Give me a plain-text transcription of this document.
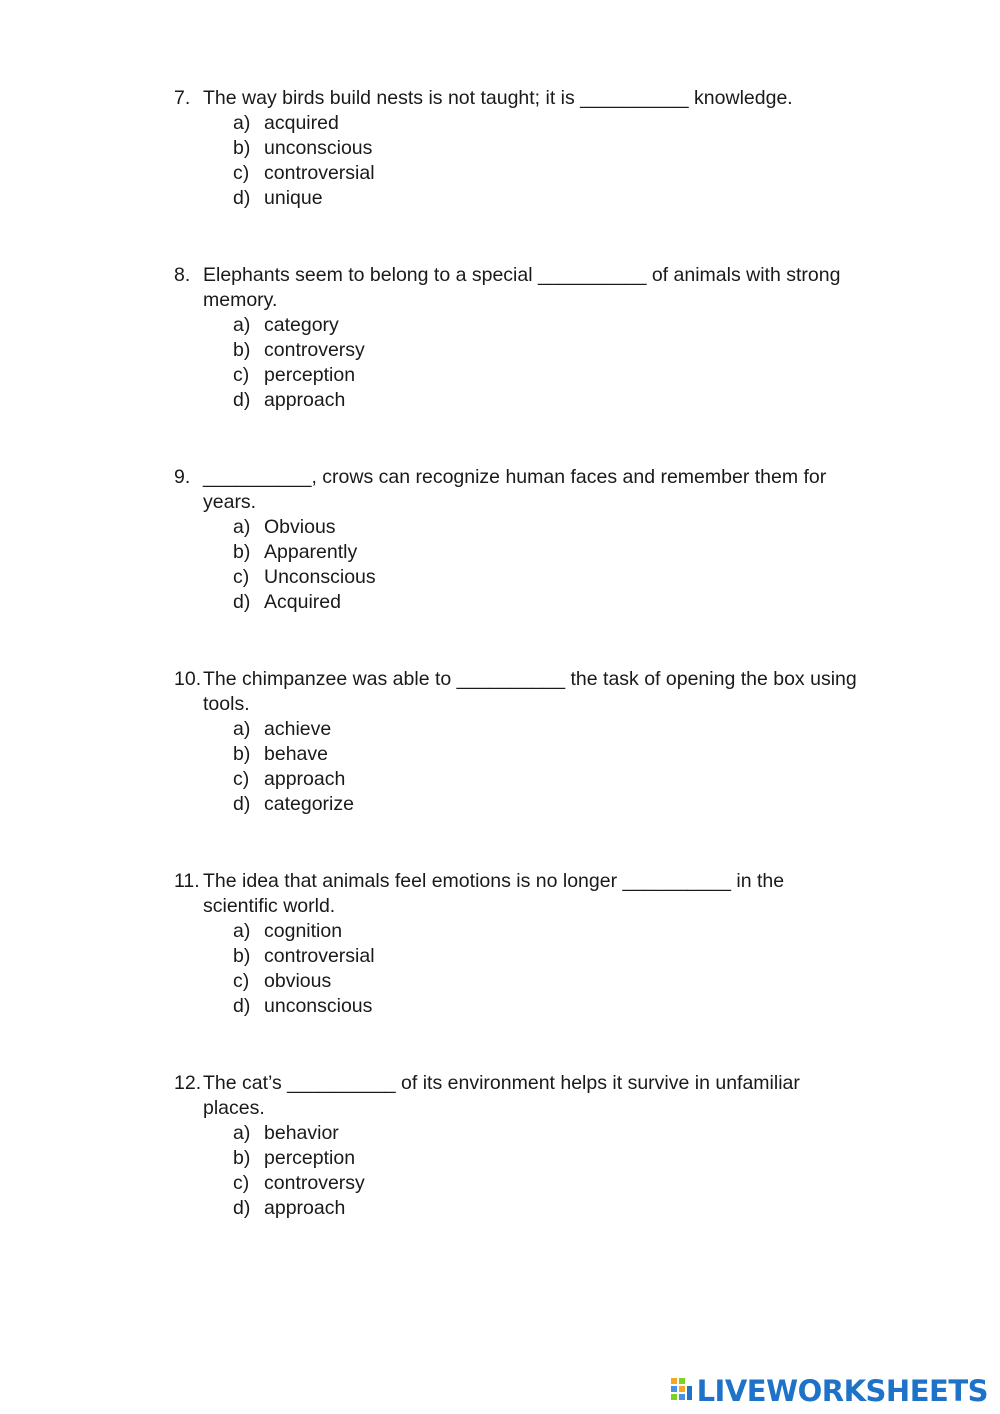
7. The way birds build nests is not taught; it is __________ knowledge.
a) acquired
b) unconscious
c) controversial
d) unique
8. Elephants seem to belong to a special __________ of animals with strong memory.
a) category
b) controversy
c) perception
d) approach
9. __________, crows can recognize human faces and remember them for years.
a) Obvious
b) Apparently
c) Unconscious
d) Acquired
10. The chimpanzee was able to __________ the task of opening the box using tools.
a) achieve
b) behave
c) approach
d) categorize
11. The idea that animals feel emotions is no longer __________ in the scientific world.
a) cognition
b) controversial
c) obvious
d) unconscious
12. The cat’s __________ of its environment helps it survive in unfamiliar places.
a) behavior
b) perception
c) controversy
d) approach
LIVEWORKSHEETS
